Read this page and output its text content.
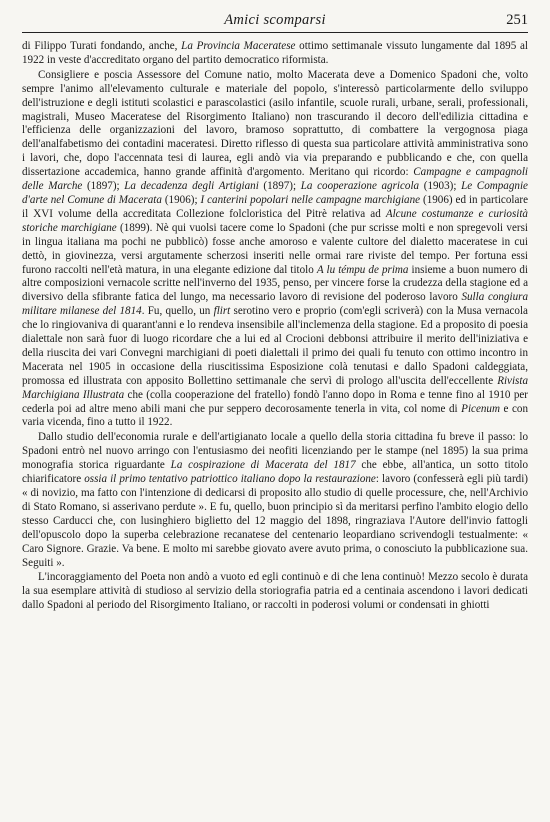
Amici scomparsi	251

di Filippo Turati fondando, anche, La Provincia Maceratese ottimo settimanale vissuto lungamente dal 1895 al 1922 in veste d'accreditato organo del partito democratico riformista.

Consigliere e poscia Assessore del Comune natio, molto Macerata deve a Domenico Spadoni che, volto sempre l'animo all'elevamento culturale e materiale del popolo, s'interessò particolarmente dello sviluppo dell'istruzione e degli istituti scolastici e parascolastici (asilo infantile, scuole rurali, urbane, serali, professionali, magistrali, Museo Maceratese del Risorgimento Italiano) non trascurando il decoro dell'edilizia cittadina e l'efficienza delle organizzazioni del lavoro, bramoso soprattutto, di combattere la vergognosa piaga dell'analfabetismo dei contadini maceratesi. Diretto riflesso di questa sua particolare attività amministrativa sono i lavori, che, dopo l'accennata tesi di laurea, egli andò via via preparando e pubblicando e che, con quella dissertazione accademica, hanno grande affinità d'argomento. Meritano qui ricordo: Campagne e campagnoli delle Marche (1897); La decadenza degli Artigiani (1897); La cooperazione agricola (1903); Le Compagnie d'arte nel Comune di Macerata (1906); I canterini popolari nelle campagne marchigiane (1906) ed in particolare il XVI volume della accreditata Collezione folcloristica del Pitrè relativa ad Alcune costumanze e curiosità storiche marchigiane (1899). Nè qui vuolsi tacere come lo Spadoni (che pur scrisse molti e non spregevoli versi in lingua italiana ma pochi ne pubblicò) fosse anche amoroso e valente cultore del dialetto maceratese in cui dettò, in giovinezza, versi argutamente scherzosi inseriti nelle ormai rare riviste del tempo. Per fortuna essi furono raccolti nell'età matura, in una elegante edizione dal titolo A lu témpu de prima insieme a buon numero di altre composizioni vernacole scritte nell'inverno del 1935, penso, per vincere forse la crudezza della stagione ed a diversivo della sfibrante fatica del lungo, ma necessario lavoro di revisione del poderoso lavoro Sulla congiura militare milanese del 1814. Fu, quello, un flirt serotino vero e proprio (com'egli scriverà) con la Musa vernacola che lo ringiovaniva di quarant'anni e lo rendeva insensibile all'inclemenza della stagione. Ed a proposito di poesia dialettale non sarà fuor di luogo ricordare che a lui ed al Crocioni debbonsi attribuire il merito dell'iniziativa e della riuscita dei vari Convegni marchigiani di poeti dialettali il primo dei quali fu tenuto con ottimo incontro in Macerata nel 1905 in occasione della riuscitissima Esposizione colà tenutasi e dallo Spadoni caldeggiata, promossa ed illustrata con apposito Bollettino settimanale che servì di prologo all'uscita dell'eccellente Rivista Marchigiana Illustrata che (colla cooperazione del fratello) fondò l'anno dopo in Roma e tenne fino al 1910 per cederla poi ad altre meno abili mani che pur seppero decorosamente tenerla in vita, col nome di Picenum e con varia vicenda, fino a tutto il 1922.

Dallo studio dell'economia rurale e dell'artigianato locale a quello della storia cittadina fu breve il passo: lo Spadoni entrò nel nuovo arringo con l'entusiasmo dei neofiti licenziando per le stampe (nel 1895) la sua prima monografia storica riguardante La cospirazione di Macerata del 1817 che ebbe, all'antica, un sotto titolo chiarificatore ossia il primo tentativo patriottico italiano dopo la restaurazione: lavoro (confesserà egli più tardi) « di novizio, ma fatto con l'intenzione di dedicarsi di proposito allo studio di quelle processure, che, nell'Archivio di Stato Romano, si asserivano perdute ». E fu, quello, buon principio sì da meritarsi perfino l'ambito elogio dello stesso Carducci che, con lusinghiero biglietto del 12 maggio del 1898, ringraziava l'Autore dell'invio fattogli dell'opuscolo dopo la superba celebrazione recanatese del centenario leopardiano scrivendogli testualmente: « Caro Signore. Grazie. Va bene. E molto mi sarebbe giovato avere avuto prima, o conosciuto la pubblicazione sua. Seguiti ».

L'incoraggiamento del Poeta non andò a vuoto ed egli continuò e di che lena continuò! Mezzo secolo è durata la sua esemplare attività di studioso al servizio della storiografia patria ed a centinaia ascendono i lavori dedicati dallo Spadoni al periodo del Risorgimento Italiano, or raccolti in poderosi volumi or condensati in ghiotti
